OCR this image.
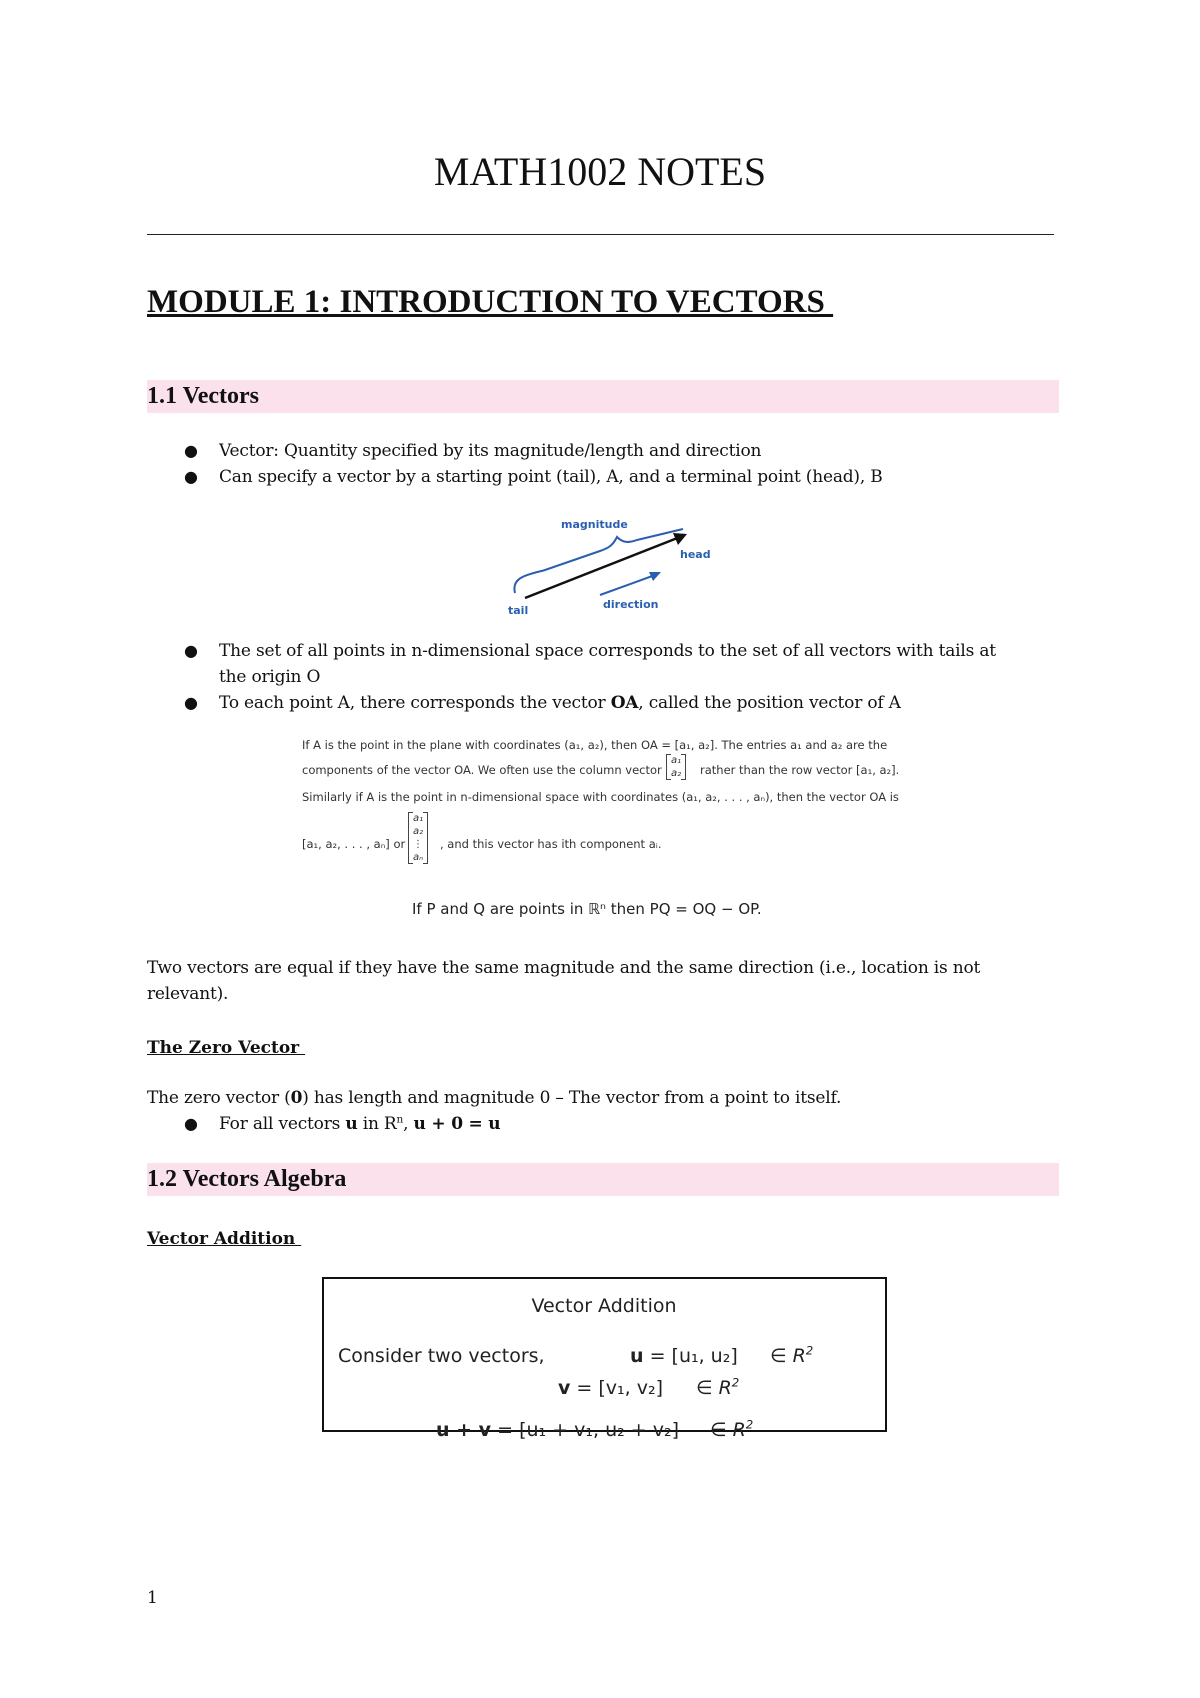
MATH1002 NOTES
MODULE 1: INTRODUCTION TO VECTORS
1.1 Vectors
● Vector: Quantity specified by its magnitude/length and direction
● Can specify a vector by a starting point (tail), A, and a terminal point (head), B
magnitude
head
tail	direction
● The set of all points in n-dimensional space corresponds to the set of all vectors with tails at
the origin O
● To each point A, there corresponds the vector OA, called the position vector of A
If A is the point in the plane with coordinates (a₁, a₂), then OA = [a₁, a₂]. The entries a₁ and a₂ are the
components of the vector OA. We often use the column vector
a₁
a₂ rather than the row vector [a₁, a₂].
Similarly if A is the point in n-dimensional space with coordinates (a₁, a₂, . . . , aₙ), then the vector OA is
[a₁, a₂, . . . , aₙ] or
a₁
a₂
⋮
aₙ
, and this vector has ith component aᵢ.
If P and Q are points in ℝⁿ then PQ = OQ − OP.

Two vectors are equal if they have the same magnitude and the same direction (i.e., location is not relevant).

The Zero Vector

The zero vector (0) has length and magnitude 0 – The vector from a point to itself.

● For all vectors u in $R^n$, u + 0 = u
1.2 Vectors Algebra
Vector Addition
Vector Addition
Consider two vectors,	u = [u₁, u₂] ∈ $R^2$
v = [v₁, v₂] ∈ $R^2$
u + v = [u₁ + v₁, u₂ + v₂] ∈ $R^2$
1
